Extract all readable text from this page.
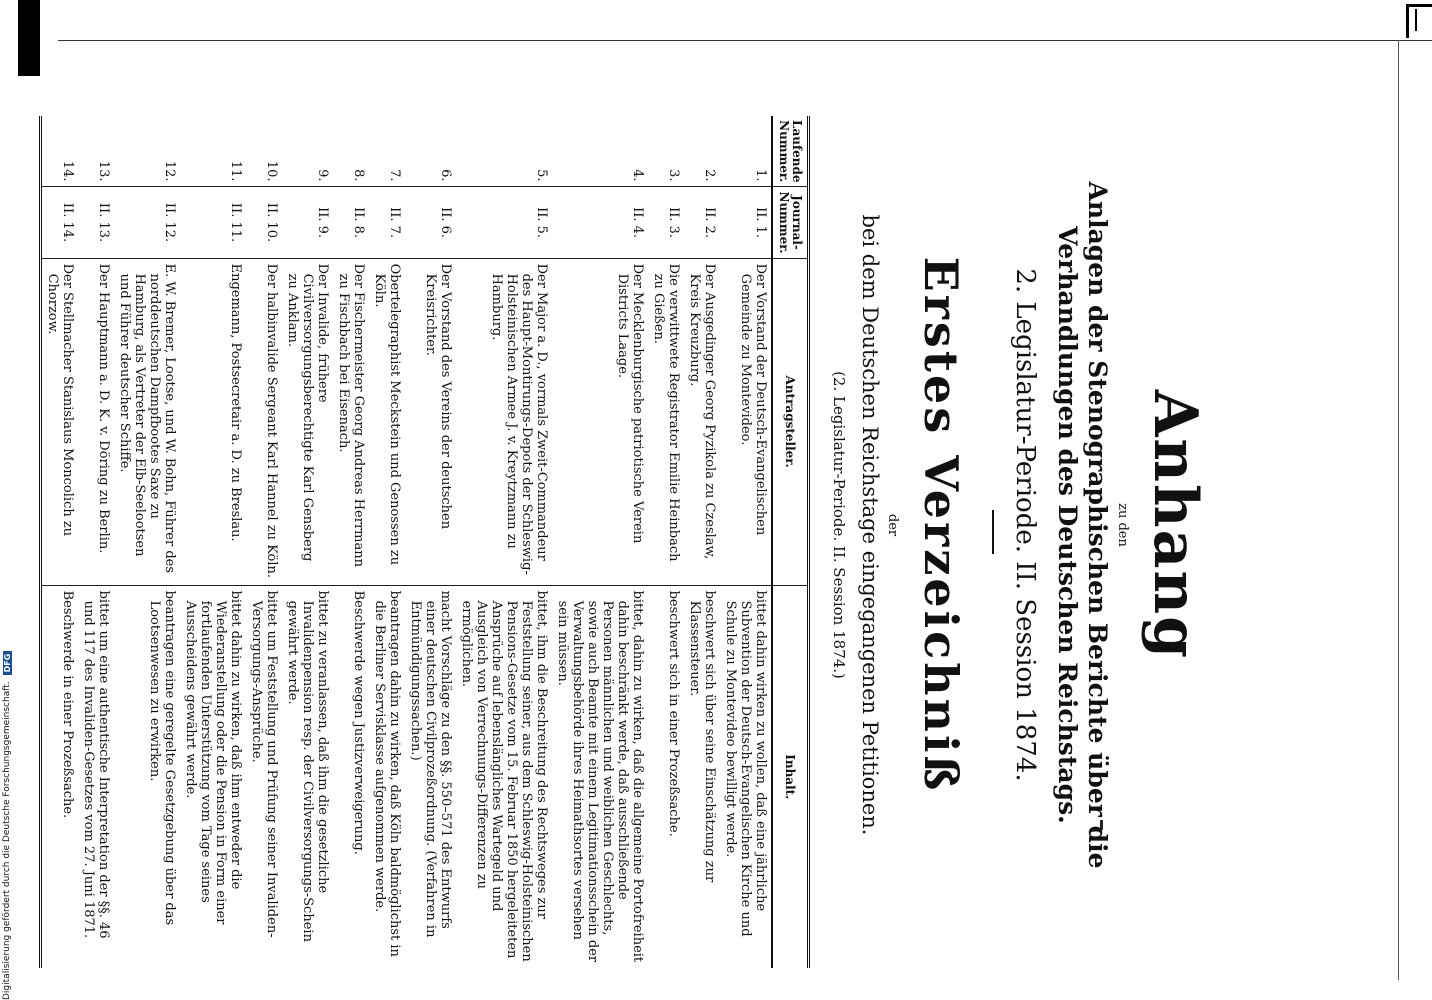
Digitalisierung gefördert durch die Deutsche Forschungsgemeinschaft.
DFG
Anhang
zu den
Anlagen der Stenographischen Berichte über die Verhandlungen des Deutschen Reichstags.
2. Legislatur-Periode. II. Session 1874.
Erstes Verzeichniß
der
bei dem Deutschen Reichstage eingegangenen Petitionen.
(2. Legislatur-Periode. II. Session 1874.)
Laufende Nummer.	Journal-Nummer.	Antragsteller.	Inhalt.
1.	II. 1.	Der Vorstand der Deutsch-Evangelischen Gemeinde zu Montevideo.	bittet dahin wirken zu wollen, daß eine jährliche Subvention der Deutsch-Evangelischen Kirche und Schule zu Montevideo bewilligt werde.
2.	II. 2.	Der Ausgedinger Georg Pyzikola zu Czeslaw, Kreis Kreuzburg.	beschwert sich über seine Einschätzung zur Klassensteuer.
3.	II. 3.	Die verwittwete Registrator Emilie Heinbach zu Gießen.	beschwert sich in einer Prozeßsache.
4.	II. 4.	Der Mecklenburgische patriotische Verein Districts Laage.	bittet, dahin zu wirken, daß die allgemeine Portofreiheit dahin beschränkt werde, daß ausschließende Personen männlichen und weiblichen Geschlechts, sowie auch Beamte mit einem Legitimationsschein der Verwaltungsbehörde ihres Heimathsortes versehen sein müssen.
5.	II. 5.	Der Major a. D., vormals Zweit-Commandeur des Haupt-Montirungs-Depots der Schleswig-Holsteinischen Armee J. v. Kreytzmann zu Hamburg.	bittet, ihm die Beschreitung des Rechtsweges zur Feststellung seiner, aus dem Schleswig-Holsteinischen Pensions-Gesetze vom 15. Februar 1850 hergeleiteten Ansprüche auf lebenslängliches Wartegeld und Ausgleich von Verrechnungs-Differenzen zu ermöglichen.
6.	II. 6.	Der Vorstand des Vereins der deutschen Kreisrichter.	macht Vorschläge zu den §§. 550–571 des Entwurfs einer deutschen Civilprozeßordnung. (Verfahren in Entmündigungssachen.)
7.	II. 7.	Obertelegraphist Meckstein und Genossen zu Köln.	beantragen dahin zu wirken, daß Köln baldmöglichst in die Berliner Servisklasse aufgenommen werde.
8.	II. 8.	Der Fischermeister Georg Andreas Herrmann zu Fischbach bei Eisenach.	Beschwerde wegen Justizverweigerung.
9.	II. 9.	Der Invalide, frühere Civilversorgungsberechtigte Karl Gensberg zu Anklam.	bittet zu veranlassen, daß ihm die gesetzliche Invalidenpension resp. der Civilversorgungs-Schein gewährt werde.
10.	II. 10.	Der halbinvalide Sergeant Karl Hannel zu Köln.	bittet um Feststellung und Prüfung seiner Invaliden-Versorgungs-Ansprüche.
11.	II. 11.	Engemann, Postsecretair a. D. zu Breslau.	bittet dahin zu wirken, daß ihm entweder die Wiederanstellung oder die Pension in Form einer fortlaufenden Unterstützung vom Tage seines Ausscheidens gewährt werde.
12.	II. 12.	E. W. Bremer, Lootse, und W. Bohn, Führer des norddeutschen Dampfbootes Saxe zu Hamburg, als Vertreter der Elb-Seelootsen und Führer deutscher Schiffe.	beantragen eine geregelte Gesetzgebung über das Lootsenwesen zu erwirken.
13.	II. 13.	Der Hauptmann a. D. K. v. Döring zu Berlin.	bittet um eine authentische Interpretation der §§. 46 und 117 des Invaliden-Gesetzes vom 27. Juni 1871.
14.	II. 14.	Der Stellmacher Stanislaus Moncolich zu Chorzow.	Beschwerde in einer Prozeßsache.
